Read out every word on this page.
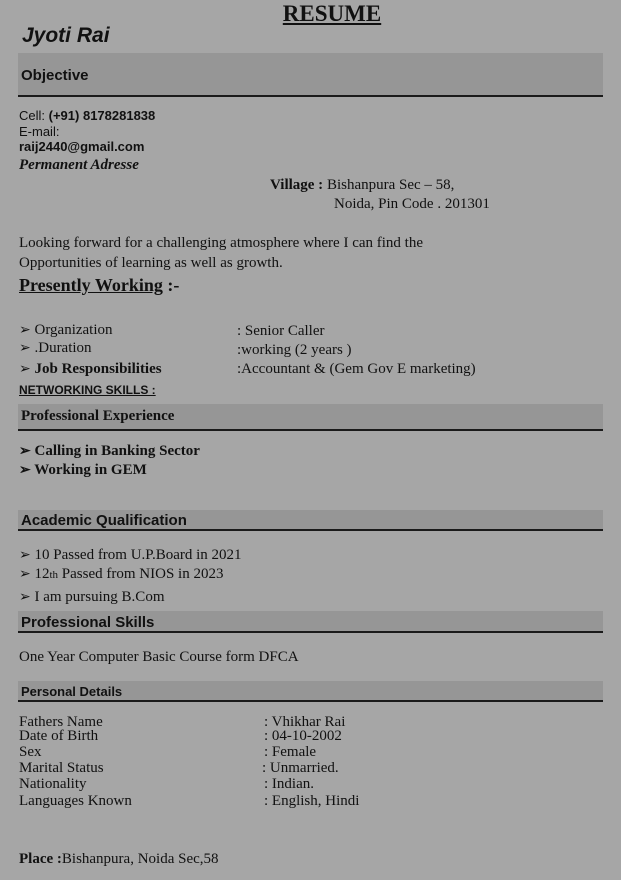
RESUME
Jyoti Rai
Objective
Cell: (+91) 8178281838
E-mail:
raij2440@gmail.com
Permanent Adresse
Village : Bishanpura Sec – 58,
Noida, Pin Code . 201301
Looking forward for a challenging atmosphere where I can find the
Opportunities of learning as well as growth.
Presently Working :-
➢ Organization	: Senior Caller
➢ .Duration	:working (2 years )
➢ Job Responsibilities	:Accountant & (Gem Gov E marketing)
NETWORKING SKILLS :
Professional Experience
➢ Calling in Banking Sector
➢ Working in GEM
Academic Qualification
➢ 10 Passed from U.P.Board in 2021
➢ 12th Passed from NIOS in 2023
➢ I am pursuing B.Com
Professional Skills
One Year Computer Basic Course form DFCA
Personal Details
Fathers Name	: Vhikhar Rai
Date of Birth	: 04-10-2002
Sex	: Female
Marital Status	: Unmarried.
Nationality	: Indian.
Languages Known	: English, Hindi
Place :Bishanpura, Noida Sec,58
